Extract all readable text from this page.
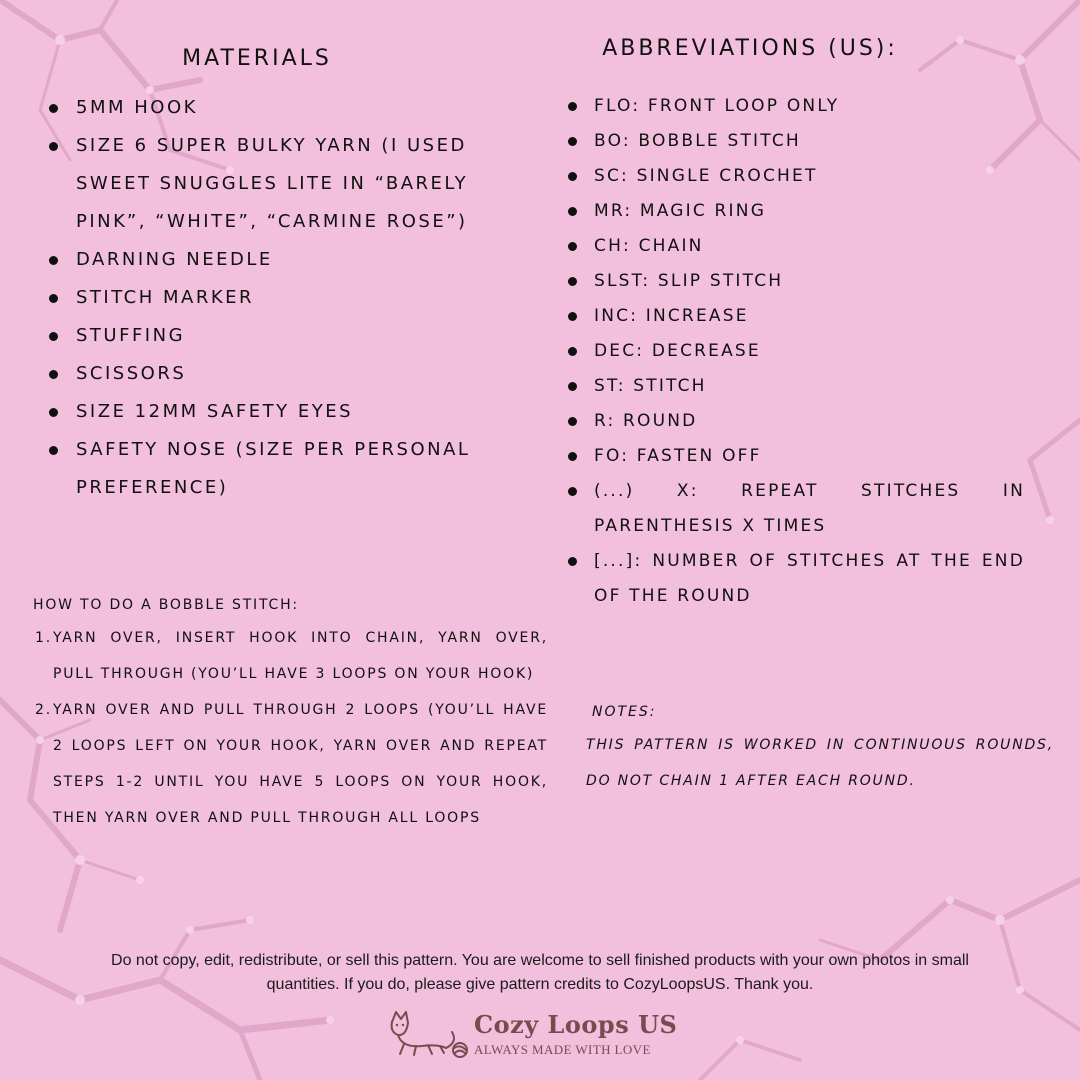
MATERIALS
5MM HOOK
SIZE 6 SUPER BULKY YARN (I USED SWEET SNUGGLES LITE IN “BARELY PINK”, “WHITE”, “CARMINE ROSE”)
DARNING NEEDLE
STITCH MARKER
STUFFING
SCISSORS
SIZE 12MM SAFETY EYES
SAFETY NOSE (SIZE PER PERSONAL PREFERENCE)
ABBREVIATIONS (US):
FLO: FRONT LOOP ONLY
BO: BOBBLE STITCH
SC: SINGLE CROCHET
MR: MAGIC RING
CH: CHAIN
SLST: SLIP STITCH
INC: INCREASE
DEC: DECREASE
ST: STITCH
R: ROUND
FO: FASTEN OFF
(...) X: REPEAT STITCHES IN PARENTHESIS X TIMES
[...]: NUMBER OF STITCHES AT THE END OF THE ROUND
HOW TO DO A BOBBLE STITCH:
1. YARN OVER, INSERT HOOK INTO CHAIN, YARN OVER, PULL THROUGH (YOU’LL HAVE 3 LOOPS ON YOUR HOOK)
2. YARN OVER AND PULL THROUGH 2 LOOPS (YOU’LL HAVE 2 LOOPS LEFT ON YOUR HOOK, YARN OVER AND REPEAT STEPS 1-2 UNTIL YOU HAVE 5 LOOPS ON YOUR HOOK, THEN YARN OVER AND PULL THROUGH ALL LOOPS
NOTES:
THIS PATTERN IS WORKED IN CONTINUOUS ROUNDS, DO NOT CHAIN 1 AFTER EACH ROUND.
Do not copy, edit, redistribute, or sell this pattern. You are welcome to sell finished products with your own photos in small quantities. If you do, please give pattern credits to CozyLoopsUS. Thank you.
Cozy Loops US
ALWAYS MADE WITH LOVE
